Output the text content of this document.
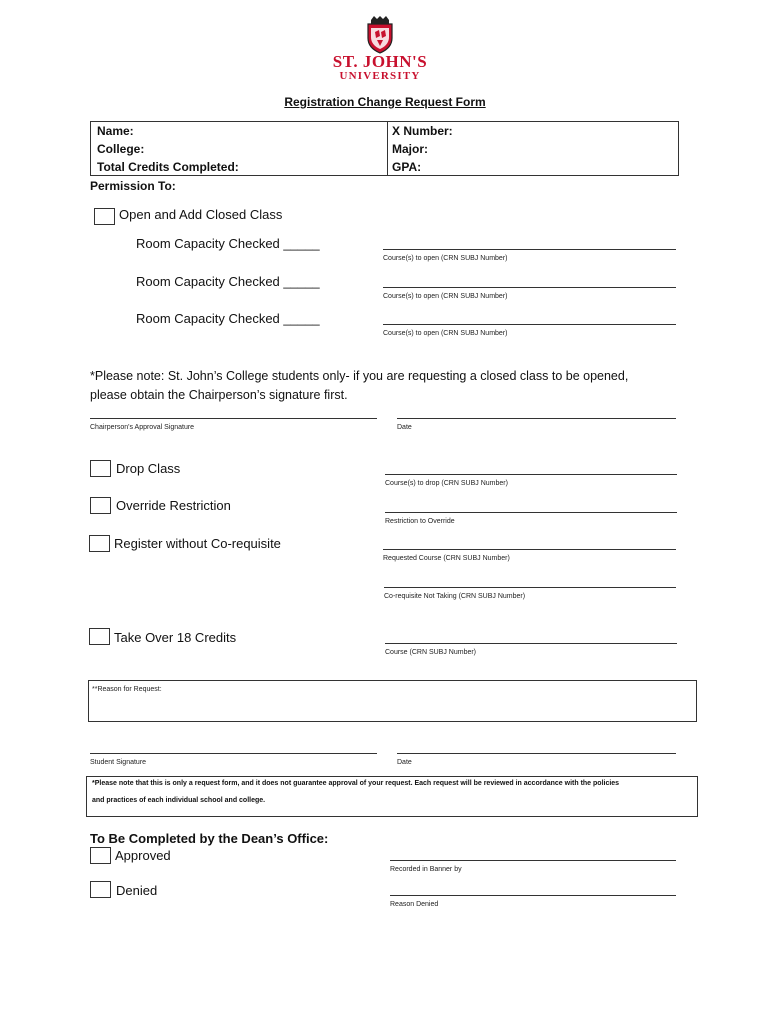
ST. JOHN'S
UNIVERSITY
Registration Change Request Form
Name:
College:
Total Credits Completed:
X Number:
Major:
GPA:
Permission To:
Open and Add Closed Class
Room Capacity Checked _____
Course(s) to open (CRN SUBJ Number)
Room Capacity Checked _____
Course(s) to open (CRN SUBJ Number)
Room Capacity Checked _____
Course(s) to open (CRN SUBJ Number)
*Please note: St. John’s College students only- if you are requesting a closed class to be opened,
please obtain the Chairperson’s signature first.
Chairperson's Approval Signature	Date
Drop Class
Course(s) to drop (CRN SUBJ Number)
Override Restriction
Restriction to Override
Register without Co-requisite
Requested Course (CRN SUBJ Number)
Co-requisite Not Taking (CRN SUBJ Number)
Take Over 18 Credits
Course (CRN SUBJ Number)
**Reason for Request:
Student Signature	Date
*Please note that this is only a request form, and it does not guarantee approval of your request. Each request will be reviewed in accordance with the policies
and practices of each individual school and college.
To Be Completed by the Dean’s Office:
Approved
Recorded in Banner by
Denied
Reason Denied
